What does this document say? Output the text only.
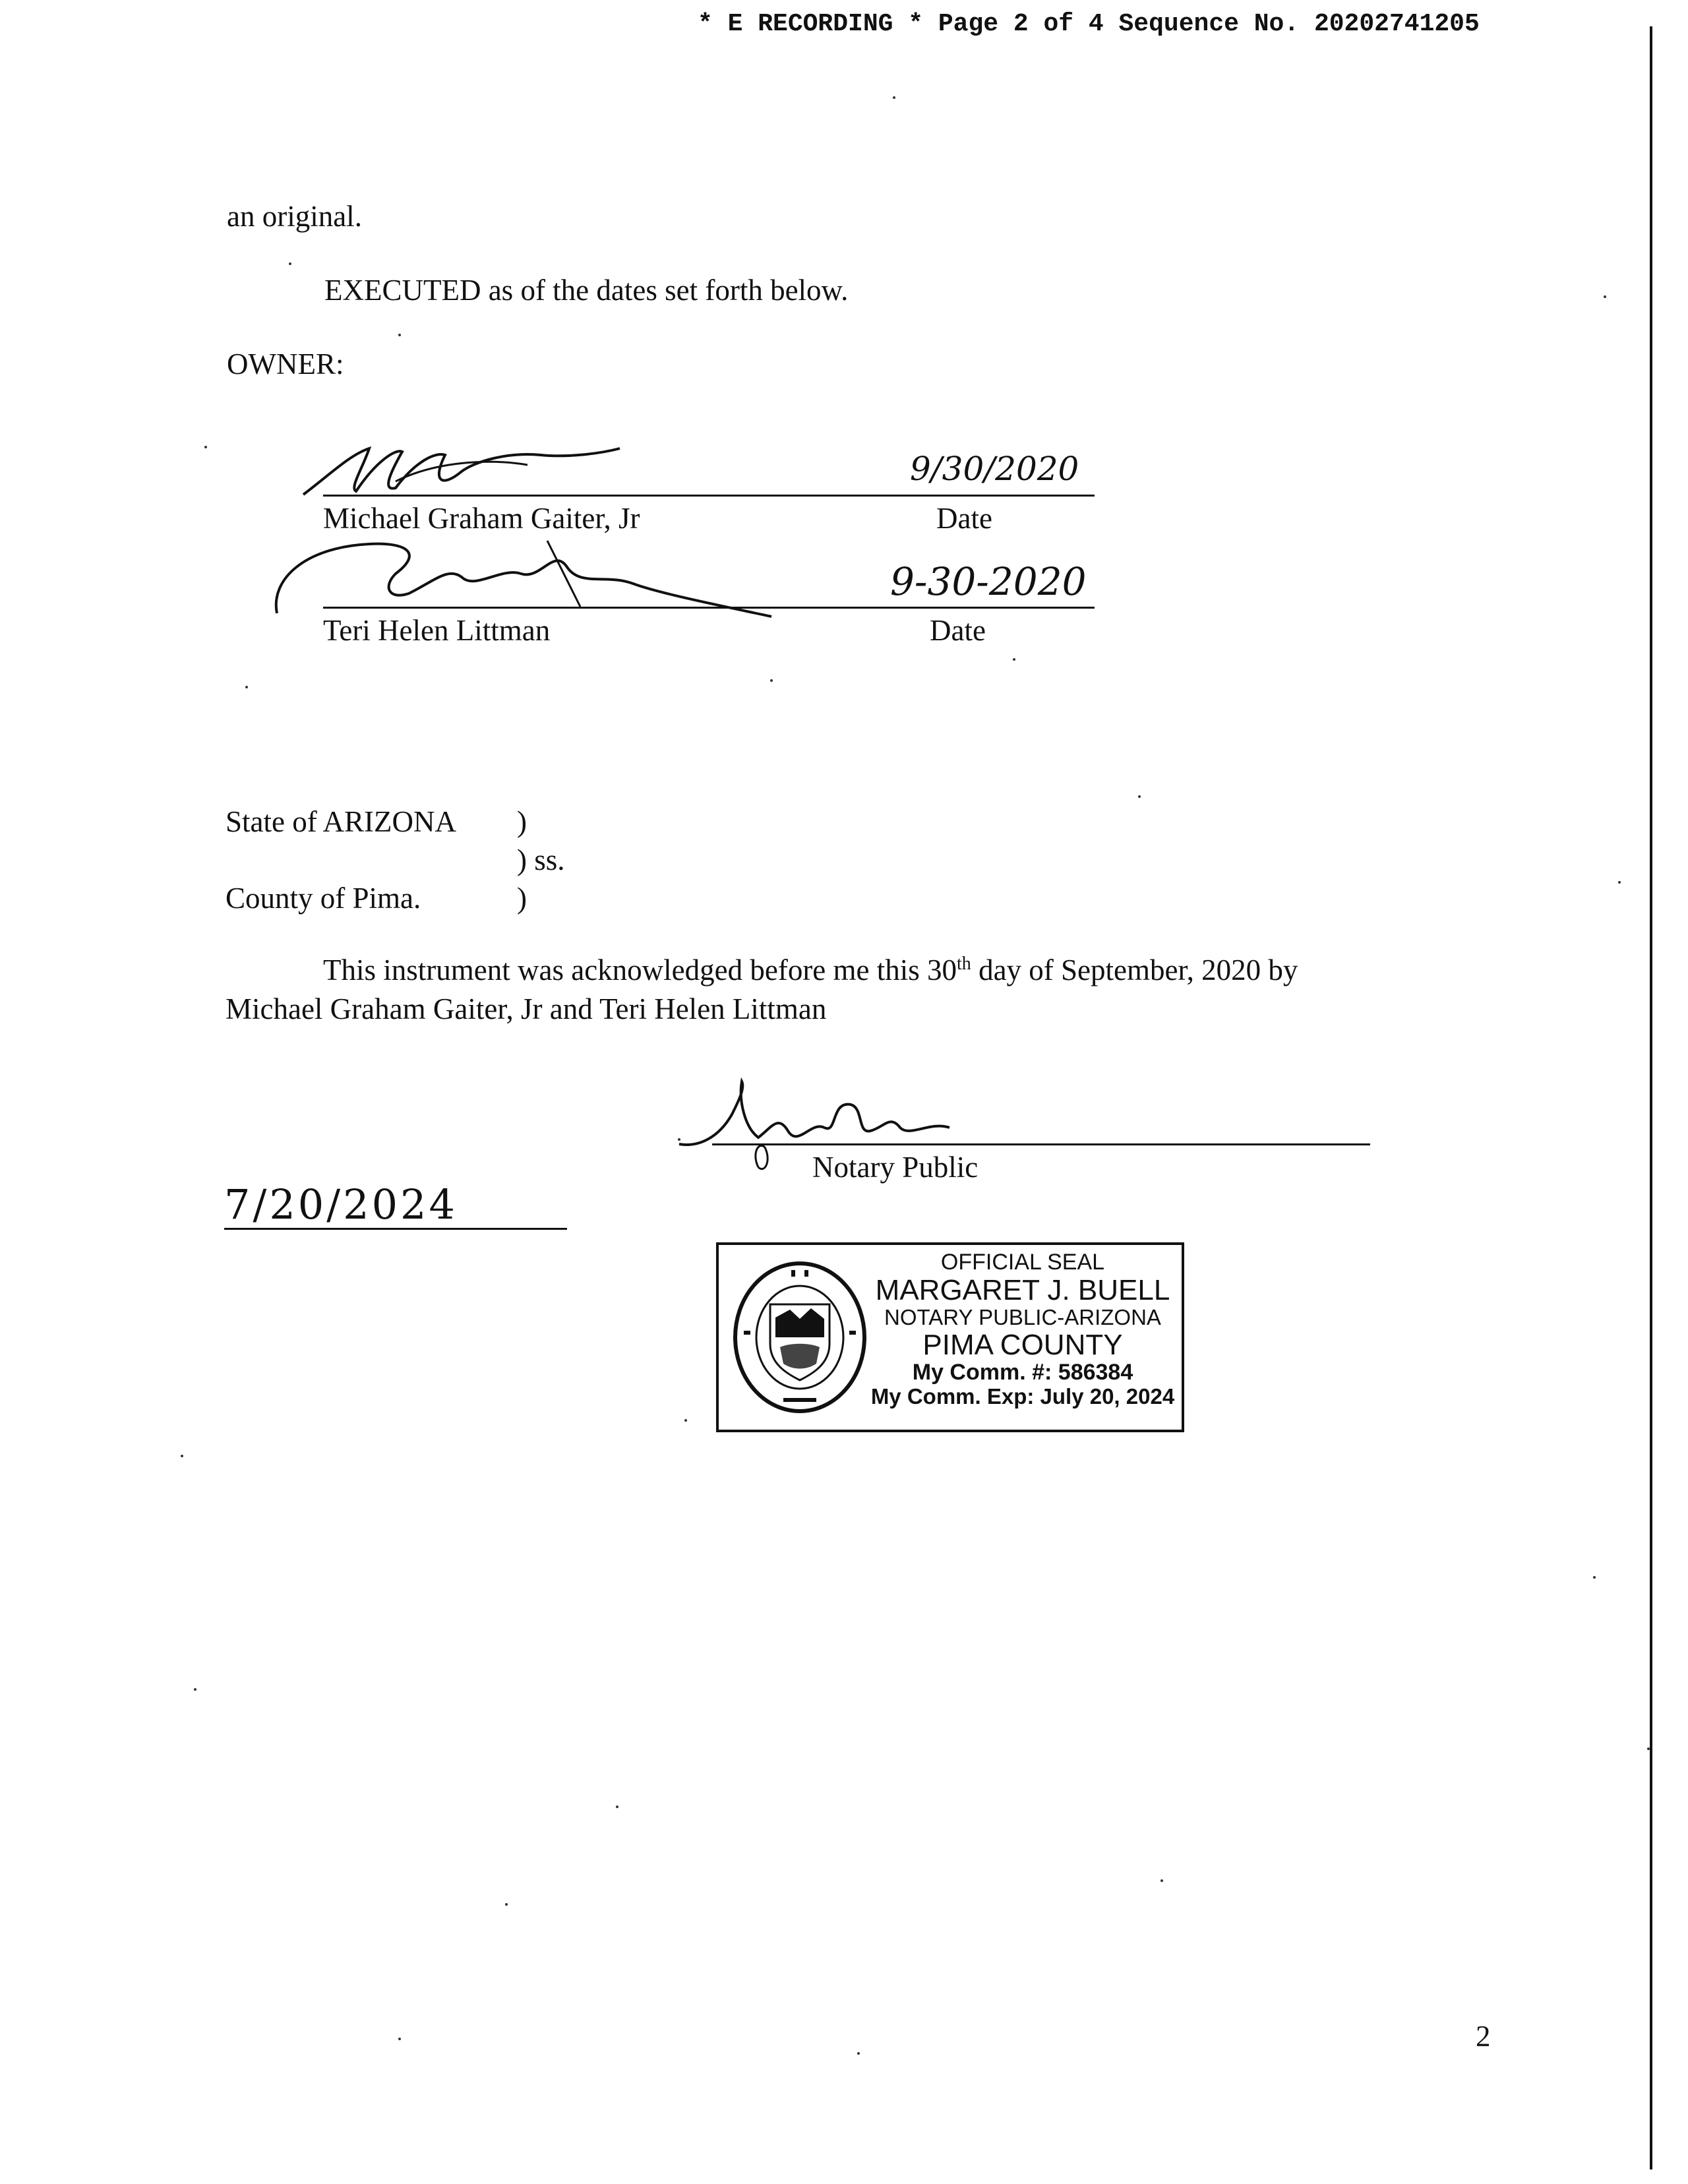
* E RECORDING * Page 2 of 4 Sequence No. 20202741205
an original.
EXECUTED as of the dates set forth below.
OWNER:
9/30/2020
Michael Graham Gaiter, Jr	Date
9-30-2020
Teri Helen Littman	Date
State of ARIZONA )
) ss.
County of Pima.	)
This instrument was acknowledged before me this 30th day of September, 2020 by
Michael Graham Gaiter, Jr and Teri Helen Littman
Notary Public
7/20/2024
OFFICIAL SEAL
MARGARET J. BUELL
NOTARY PUBLIC-ARIZONA
PIMA COUNTY
My Comm. #: 586384
My Comm. Exp: July 20, 2024
2
